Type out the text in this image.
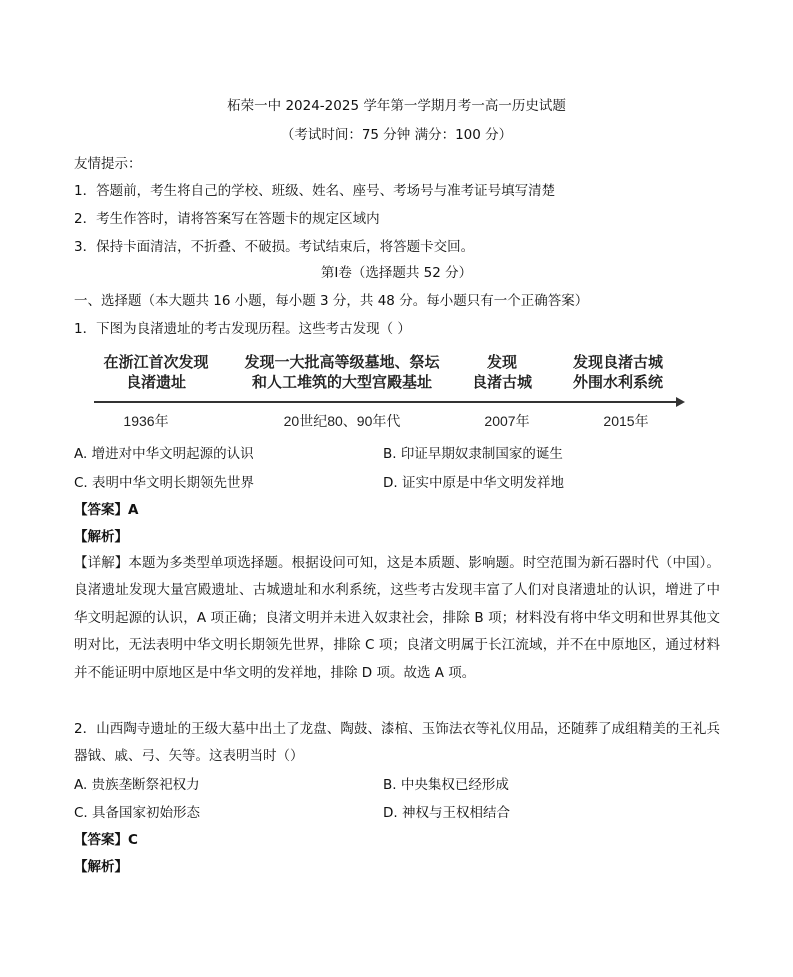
柘荣一中 2024-2025 学年第一学期月考一高一历史试题
（考试时间：75 分钟 满分：100 分）
友情提示：
1．答题前，考生将自己的学校、班级、姓名、座号、考场号与准考证号填写清楚
2．考生作答时，请将答案写在答题卡的规定区域内
3．保持卡面清洁，不折叠、不破损。考试结束后，将答题卡交回。
第Ⅰ卷（选择题共 52 分）
一、选择题（本大题共 16 小题，每小题 3 分，共 48 分。每小题只有一个正确答案）
1．下图为良渚遗址的考古发现历程。这些考古发现（ ）
在浙江首次发现
良渚遗址
发现一大批高等级墓地、祭坛
和人工堆筑的大型宫殿基址
发现
良渚古城
发现良渚古城
外围水利系统
1936年	20世纪80、90年代	2007年	2015年
A. 增进对中华文明起源的认识	B. 印证早期奴隶制国家的诞生
C. 表明中华文明长期领先世界	D. 证实中原是中华文明发祥地
【答案】A
【解析】
【详解】本题为多类型单项选择题。根据设问可知，这是本质题、影响题。时空范围为新石器时代（中国）。良渚遗址发现大量宫殿遗址、古城遗址和水利系统，这些考古发现丰富了人们对良渚遗址的认识，增进了中华文明起源的认识，A 项正确；良渚文明并未进入奴隶社会，排除 B 项；材料没有将中华文明和世界其他文明对比，无法表明中华文明长期领先世界，排除 C 项；良渚文明属于长江流域，并不在中原地区，通过材料并不能证明中原地区是中华文明的发祥地，排除 D 项。故选 A 项。
2．山西陶寺遗址的王级大墓中出土了龙盘、陶鼓、漆棺、玉饰法衣等礼仪用品，还随葬了成组精美的王礼兵器钺、戚、弓、矢等。这表明当时（）
A. 贵族垄断祭祀权力	B. 中央集权已经形成
C. 具备国家初始形态	D. 神权与王权相结合
【答案】C
【解析】
